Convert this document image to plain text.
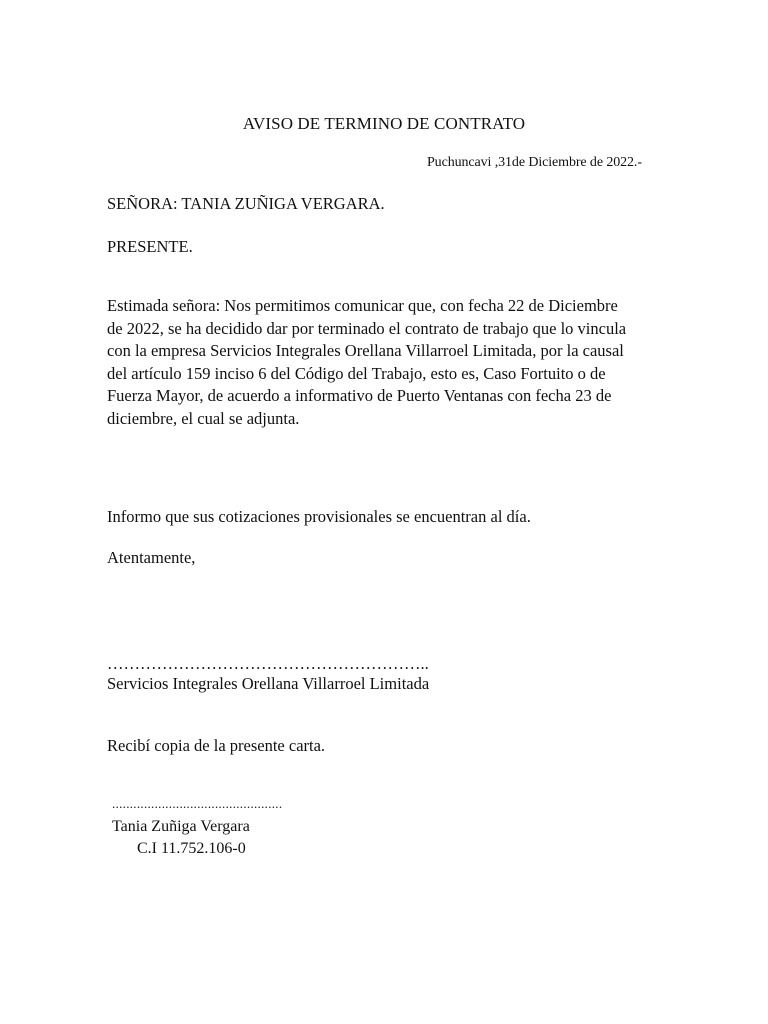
AVISO DE TERMINO DE CONTRATO
Puchuncavi ,31de Diciembre de 2022.-
SEÑORA: TANIA ZUÑIGA VERGARA.
PRESENTE.
Estimada señora: Nos permitimos comunicar que, con fecha 22 de Diciembre
de 2022, se ha decidido dar por terminado el contrato de trabajo que lo vincula
con la empresa Servicios Integrales Orellana Villarroel Limitada, por la causal
del artículo 159 inciso 6 del Código del Trabajo, esto es, Caso Fortuito o de
Fuerza Mayor, de acuerdo a informativo de Puerto Ventanas con fecha 23 de
diciembre, el cual se adjunta.
Informo que sus cotizaciones provisionales se encuentran al día.
Atentamente,
…………………………………………………..
Servicios Integrales Orellana Villarroel Limitada
Recibí copia de la presente carta.
................................................
Tania Zuñiga Vergara
C.I 11.752.106-0
